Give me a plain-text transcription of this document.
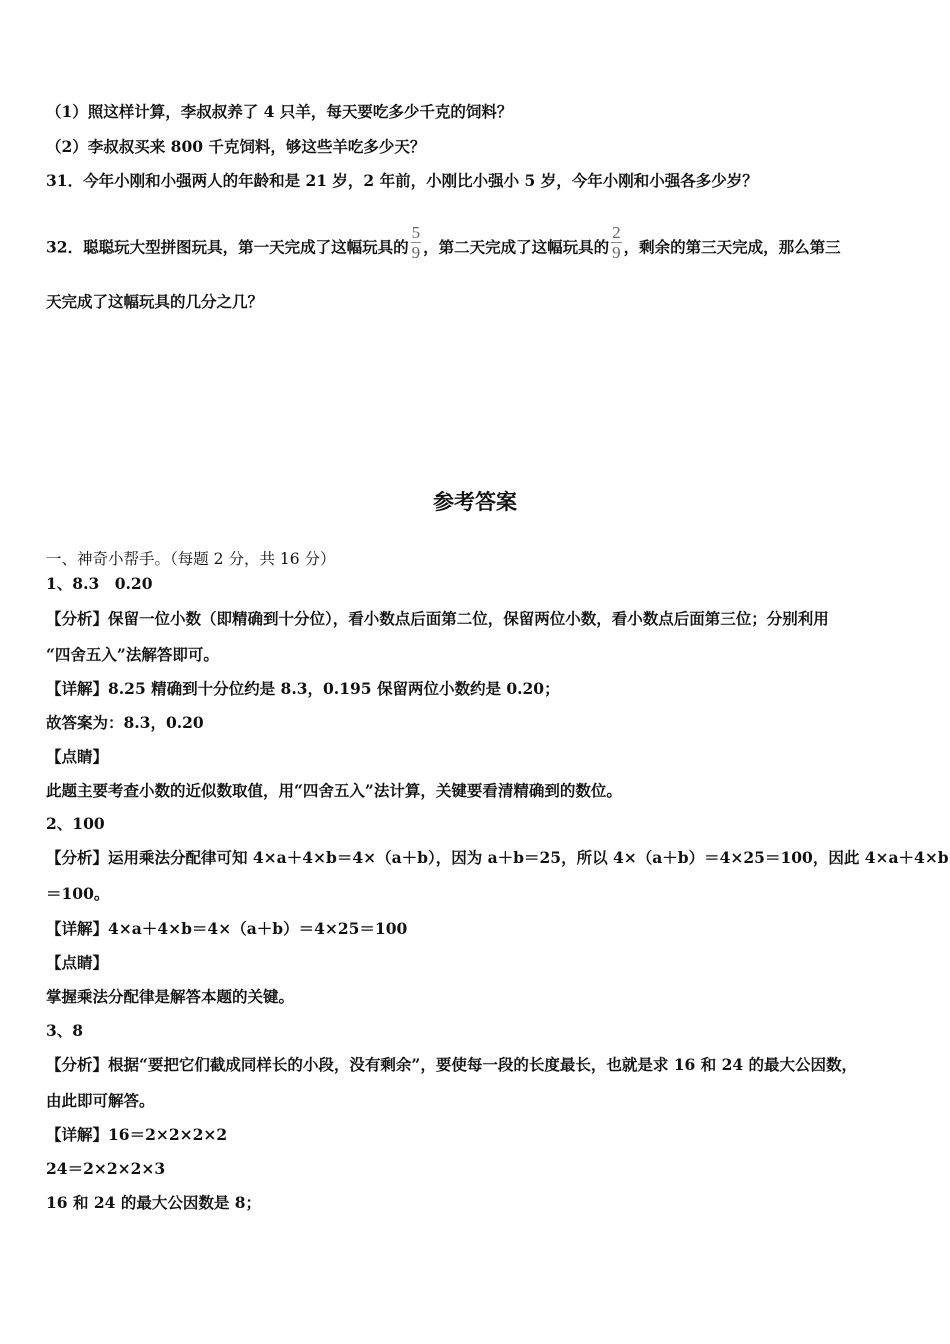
（1）照这样计算，李叔叔养了 4 只羊，每天要吃多少千克的饲料？
（2）李叔叔买来 800 千克饲料，够这些羊吃多少天？
31．今年小刚和小强两人的年龄和是 21 岁，2 年前，小刚比小强小 5 岁，今年小刚和小强各多少岁？
32．聪聪玩大型拼图玩具，第一天完成了这幅玩具的 $\frac{5}{9}$ ，第二天完成了这幅玩具的 $\frac{2}{9}$ ，剩余的第三天完成，那么第三
天完成了这幅玩具的几分之几？
参考答案
一、神奇小帮手。（每题 2 分，共 16 分）
1、8.3　0.20
【分析】保留一位小数（即精确到十分位），看小数点后面第二位，保留两位小数，看小数点后面第三位；分别利用
“四舍五入”法解答即可。
【详解】8.25 精确到十分位约是 8.3，0.195 保留两位小数约是 0.20；
故答案为：8.3，0.20
【点睛】
此题主要考查小数的近似数取值，用“四舍五入”法计算，关键要看清精确到的数位。
2、100
【分析】运用乘法分配律可知 4×a＋4×b＝4×（a＋b），因为 a＋b＝25，所以 4×（a＋b）＝4×25＝100，因此 4×a＋4×b
＝100。
【详解】4×a＋4×b＝4×（a＋b）＝4×25＝100
【点睛】
掌握乘法分配律是解答本题的关键。
3、8
【分析】根据“要把它们截成同样长的小段，没有剩余”，要使每一段的长度最长，也就是求 16 和 24 的最大公因数，
由此即可解答。
【详解】16＝2×2×2×2
24＝2×2×2×3
16 和 24 的最大公因数是 8；
